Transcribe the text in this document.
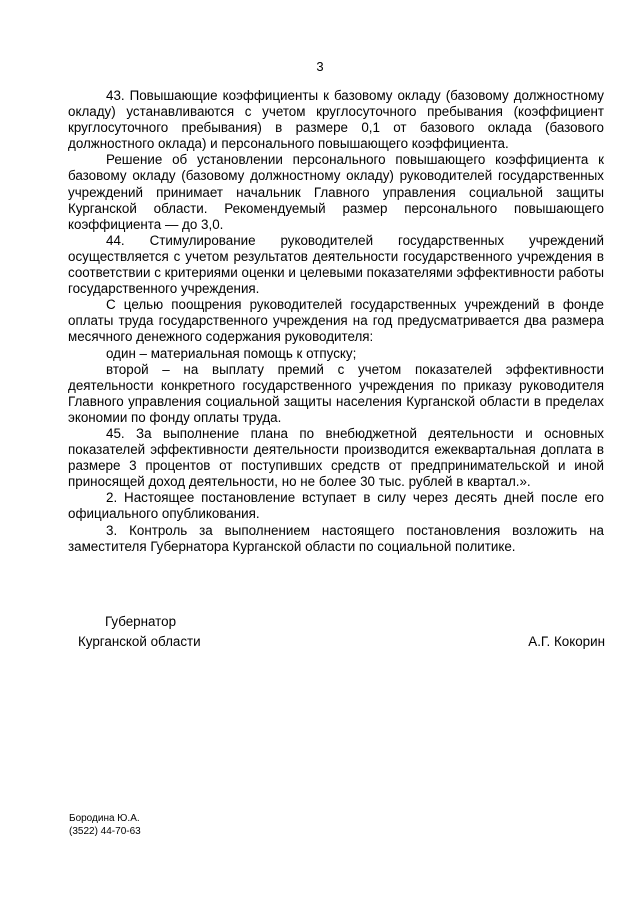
3

43. Повышающие коэффициенты к базовому окладу (базовому должностному окладу) устанавливаются с учетом круглосуточного пребывания (коэффициент круглосуточного пребывания) в размере 0,1 от базового оклада (базового должностного оклада) и персонального повышающего коэффициента.

Решение об установлении персонального повышающего коэффициента к базовому окладу (базовому должностному окладу) руководителей государственных учреждений принимает начальник Главного управления социальной защиты Курганской области. Рекомендуемый размер персонального повышающего коэффициента — до 3,0.

44. Стимулирование руководителей государственных учреждений осуществляется с учетом результатов деятельности государственного учреждения в соответствии с критериями оценки и целевыми показателями эффективности работы государственного учреждения.

С целью поощрения руководителей государственных учреждений в фонде оплаты труда государственного учреждения на год предусматривается два размера месячного денежного содержания руководителя:

один – материальная помощь к отпуску;

второй – на выплату премий с учетом показателей эффективности деятельности конкретного государственного учреждения по приказу руководителя Главного управления социальной защиты населения Курганской области в пределах экономии по фонду оплаты труда.

45. За выполнение плана по внебюджетной деятельности и основных показателей эффективности деятельности производится ежеквартальная доплата в размере 3 процентов от поступивших средств от предпринимательской и иной приносящей доход деятельности, но не более 30 тыс. рублей в квартал.».

2. Настоящее постановление вступает в силу через десять дней после его официального опубликования.

3. Контроль за выполнением настоящего постановления возложить на заместителя Губернатора Курганской области по социальной политике.

Губернатор
Курганской области	А.Г. Кокорин
Бородина Ю.А.
(3522) 44-70-63
